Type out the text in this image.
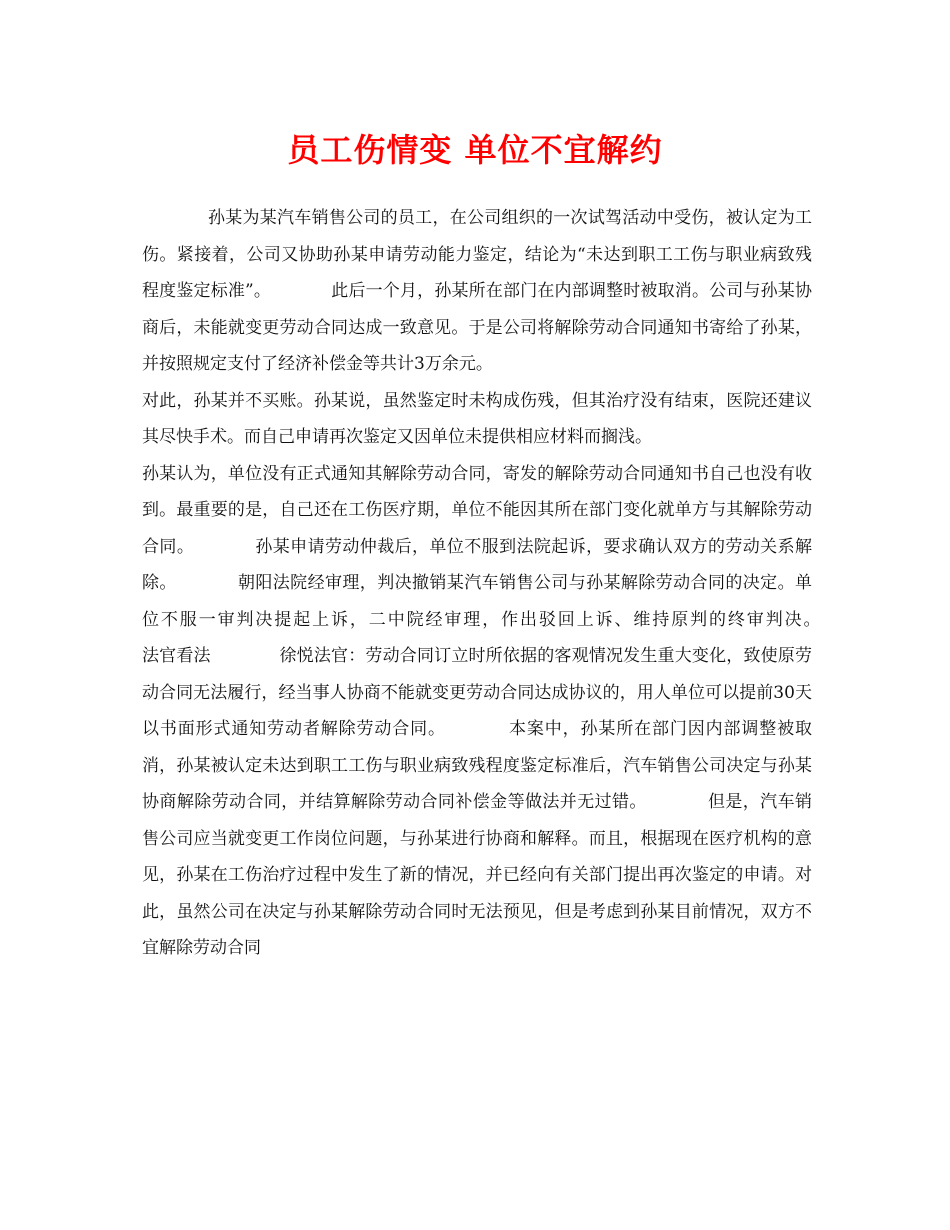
员工伤情变 单位不宜解约

孙某为某汽车销售公司的员工，在公司组织的一次试驾活动中受伤，被认定为工伤。紧接着，公司又协助孙某申请劳动能力鉴定，结论为“未达到职工工伤与职业病致残程度鉴定标准”。　　　　此后一个月，孙某所在部门在内部调整时被取消。公司与孙某协商后，未能就变更劳动合同达成一致意见。于是公司将解除劳动合同通知书寄给了孙某，并按照规定支付了经济补偿金等共计3万余元。

对此，孙某并不买账。孙某说，虽然鉴定时未构成伤残，但其治疗没有结束，医院还建议其尽快手术。而自己申请再次鉴定又因单位未提供相应材料而搁浅。

孙某认为，单位没有正式通知其解除劳动合同，寄发的解除劳动合同通知书自己也没有收到。最重要的是，自己还在工伤医疗期，单位不能因其所在部门变化就单方与其解除劳动合同。　　　　孙某申请劳动仲裁后，单位不服到法院起诉，要求确认双方的劳动关系解除。　　　　朝阳法院经审理，判决撤销某汽车销售公司与孙某解除劳动合同的决定。单位不服一审判决提起上诉，二中院经审理，作出驳回上诉、维持原判的终审判决。　　　　法官看法　　　　徐悦法官：劳动合同订立时所依据的客观情况发生重大变化，致使原劳动合同无法履行，经当事人协商不能就变更劳动合同达成协议的，用人单位可以提前30天以书面形式通知劳动者解除劳动合同。　　　　本案中，孙某所在部门因内部调整被取消，孙某被认定未达到职工工伤与职业病致残程度鉴定标准后，汽车销售公司决定与孙某协商解除劳动合同，并结算解除劳动合同补偿金等做法并无过错。　　　　但是，汽车销售公司应当就变更工作岗位问题，与孙某进行协商和解释。而且，根据现在医疗机构的意见，孙某在工伤治疗过程中发生了新的情况，并已经向有关部门提出再次鉴定的申请。对此，虽然公司在决定与孙某解除劳动合同时无法预见，但是考虑到孙某目前情况，双方不宜解除劳动合同
